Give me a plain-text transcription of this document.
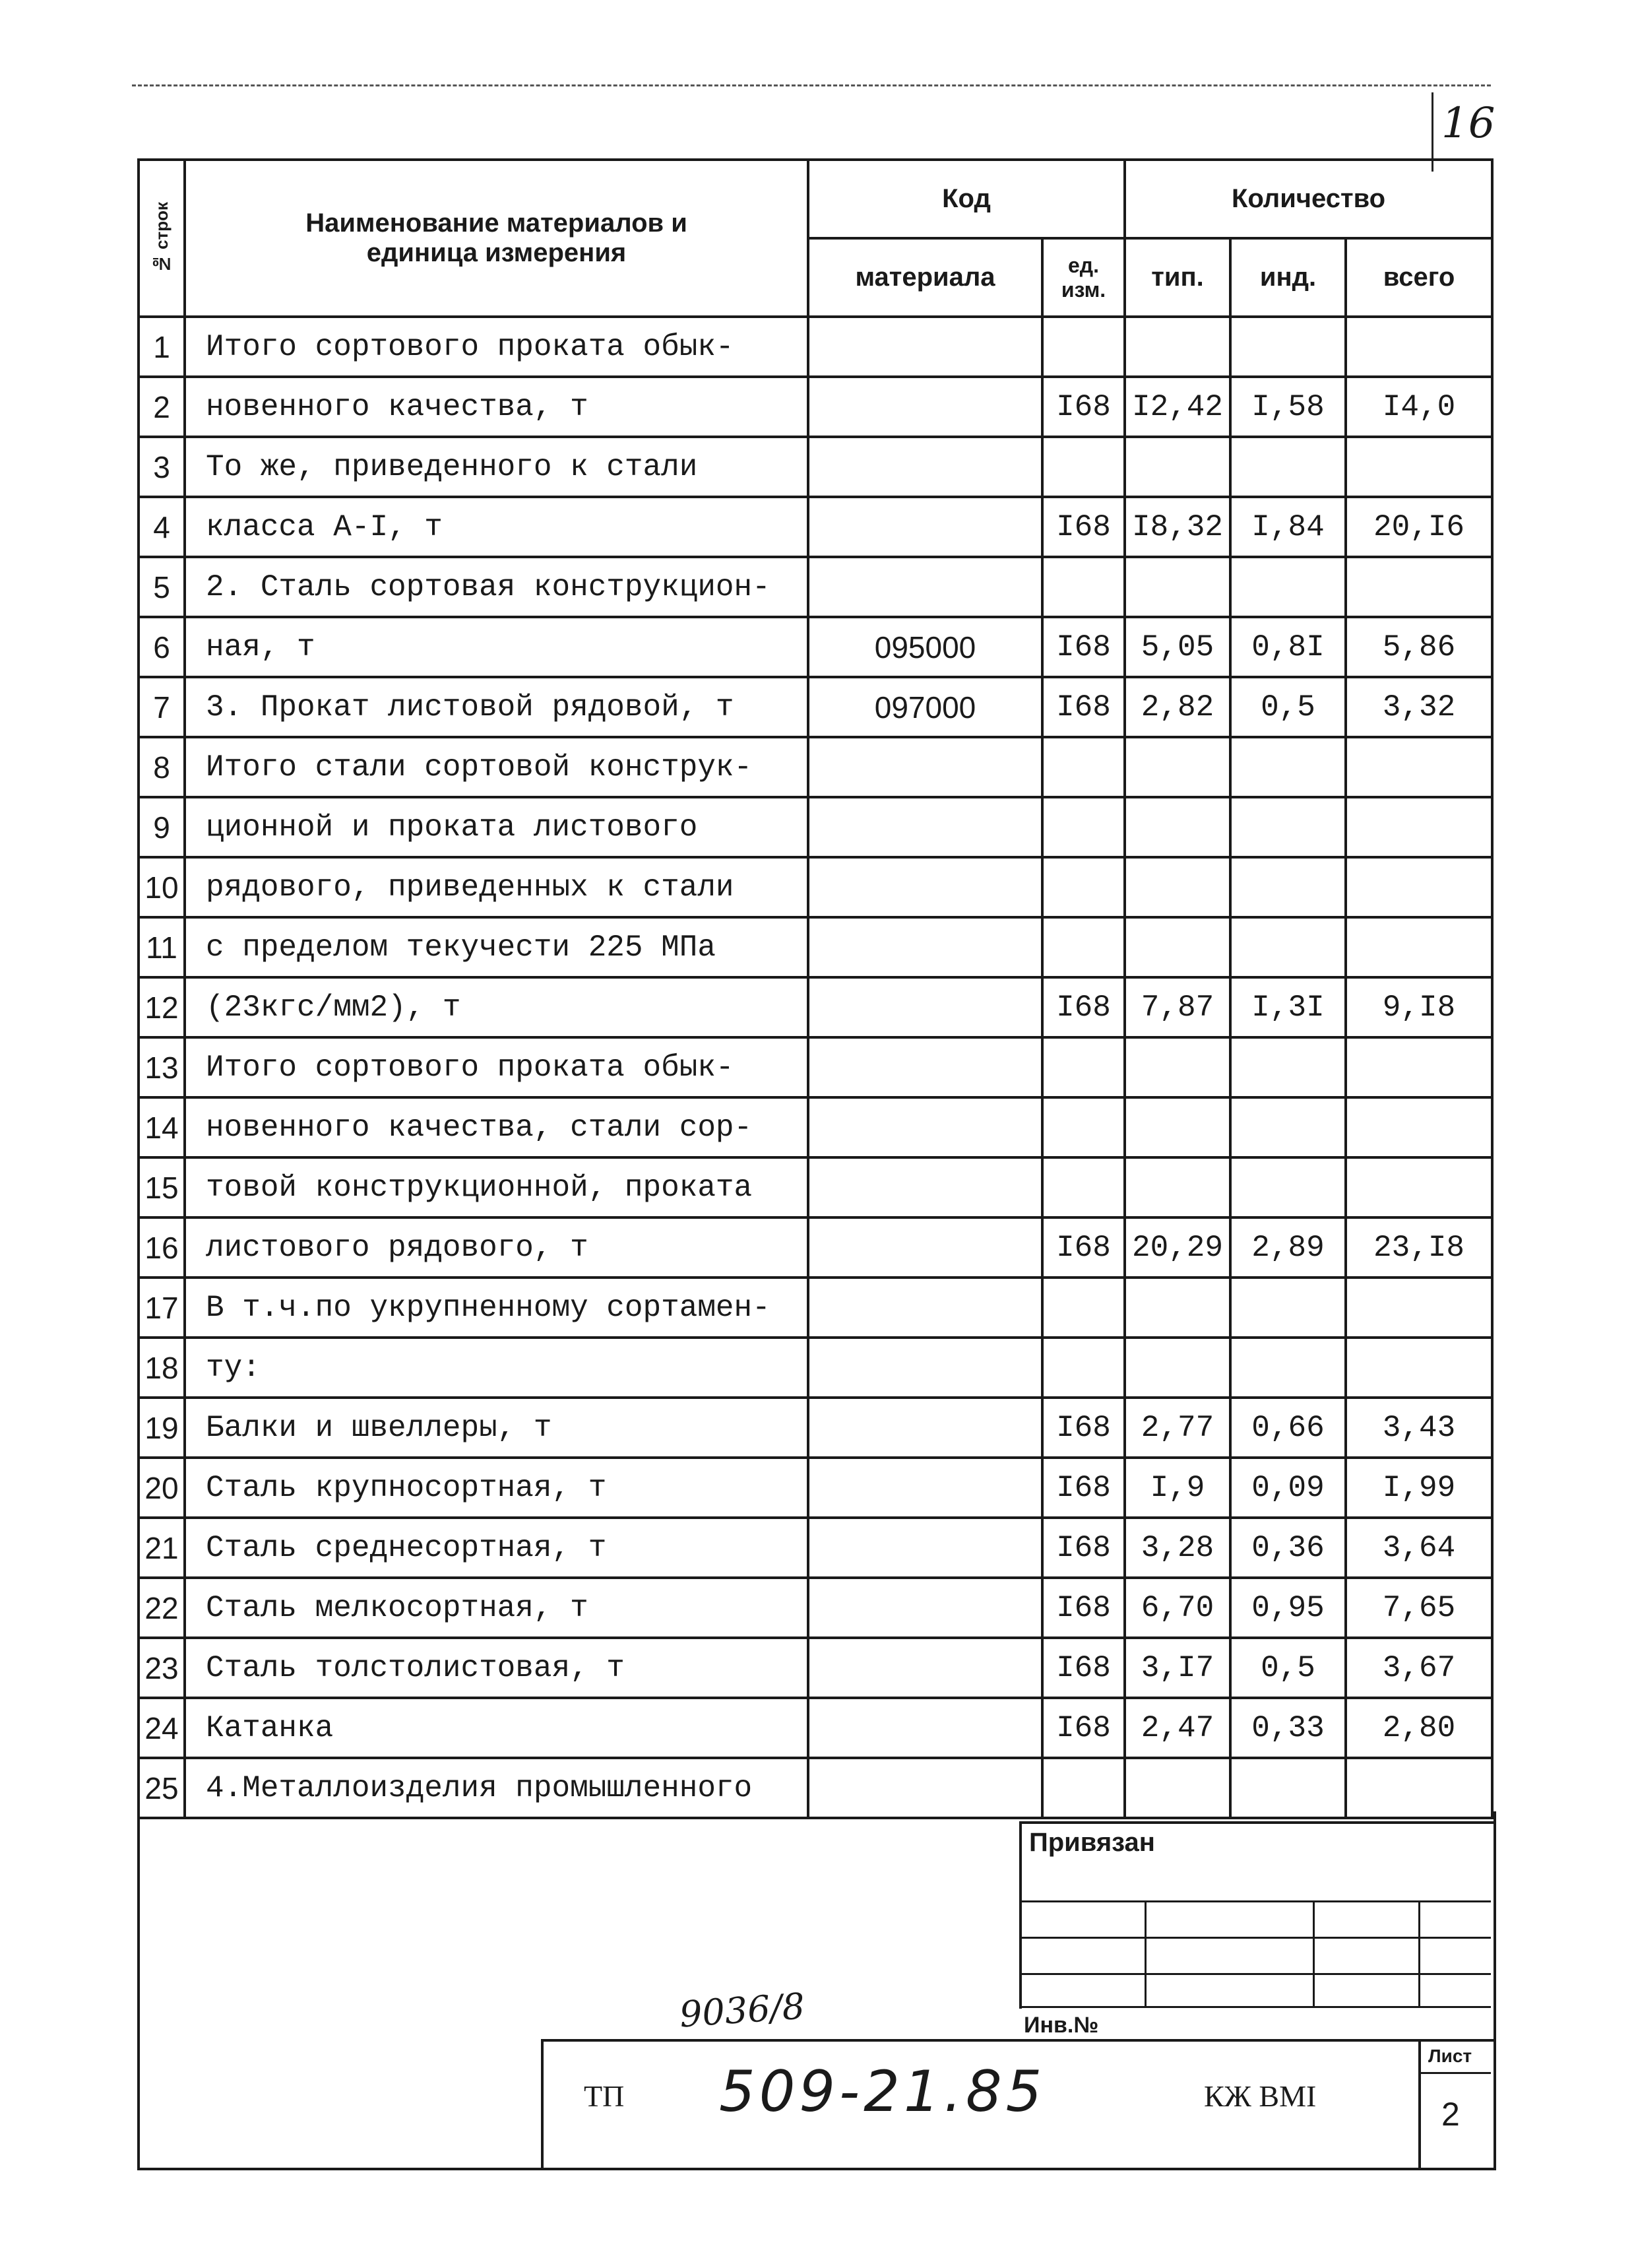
16
№ строк	Наименование материалов и единица измерения	Код		Количество		
		материала	ед. изм.	тип.	инд.	всего
1	Итого сортового проката обык-					
2	новенного качества, т		I68	I2,42	I,58	I4,0
3	То же, приведенного к стали					
4	класса А-I, т		I68	I8,32	I,84	20,I6
5	2. Сталь сортовая конструкцион-					
6	ная, т	095000	I68	5,05	0,8I	5,86
7	3. Прокат листовой рядовой, т	097000	I68	2,82	0,5	3,32
8	Итого стали сортовой конструк-					
9	ционной и проката листового					
10	рядового, приведенных к стали					
11	с пределом текучести 225 МПа					
12	(23кгс/мм2), т		I68	7,87	I,3I	9,I8
13	Итого сортового проката обык-					
14	новенного качества, стали сор-					
15	товой конструкционной, проката					
16	листового рядового, т		I68	20,29	2,89	23,I8
17	В т.ч.по укрупненному сортамен-					
18	ту:					
19	Балки и швеллеры, т		I68	2,77	0,66	3,43
20	Сталь крупносортная, т		I68	I,9	0,09	I,99
21	Сталь среднесортная, т		I68	3,28	0,36	3,64
22	Сталь мелкосортная, т		I68	6,70	0,95	7,65
23	Сталь толстолистовая, т		I68	3,I7	0,5	3,67
24	Катанка		I68	2,47	0,33	2,80
25	4.Металлоизделия промышленного					
Привязан
Инв.№
9036/8
ТП 509-21.85	КЖ ВМI
Лист
2
